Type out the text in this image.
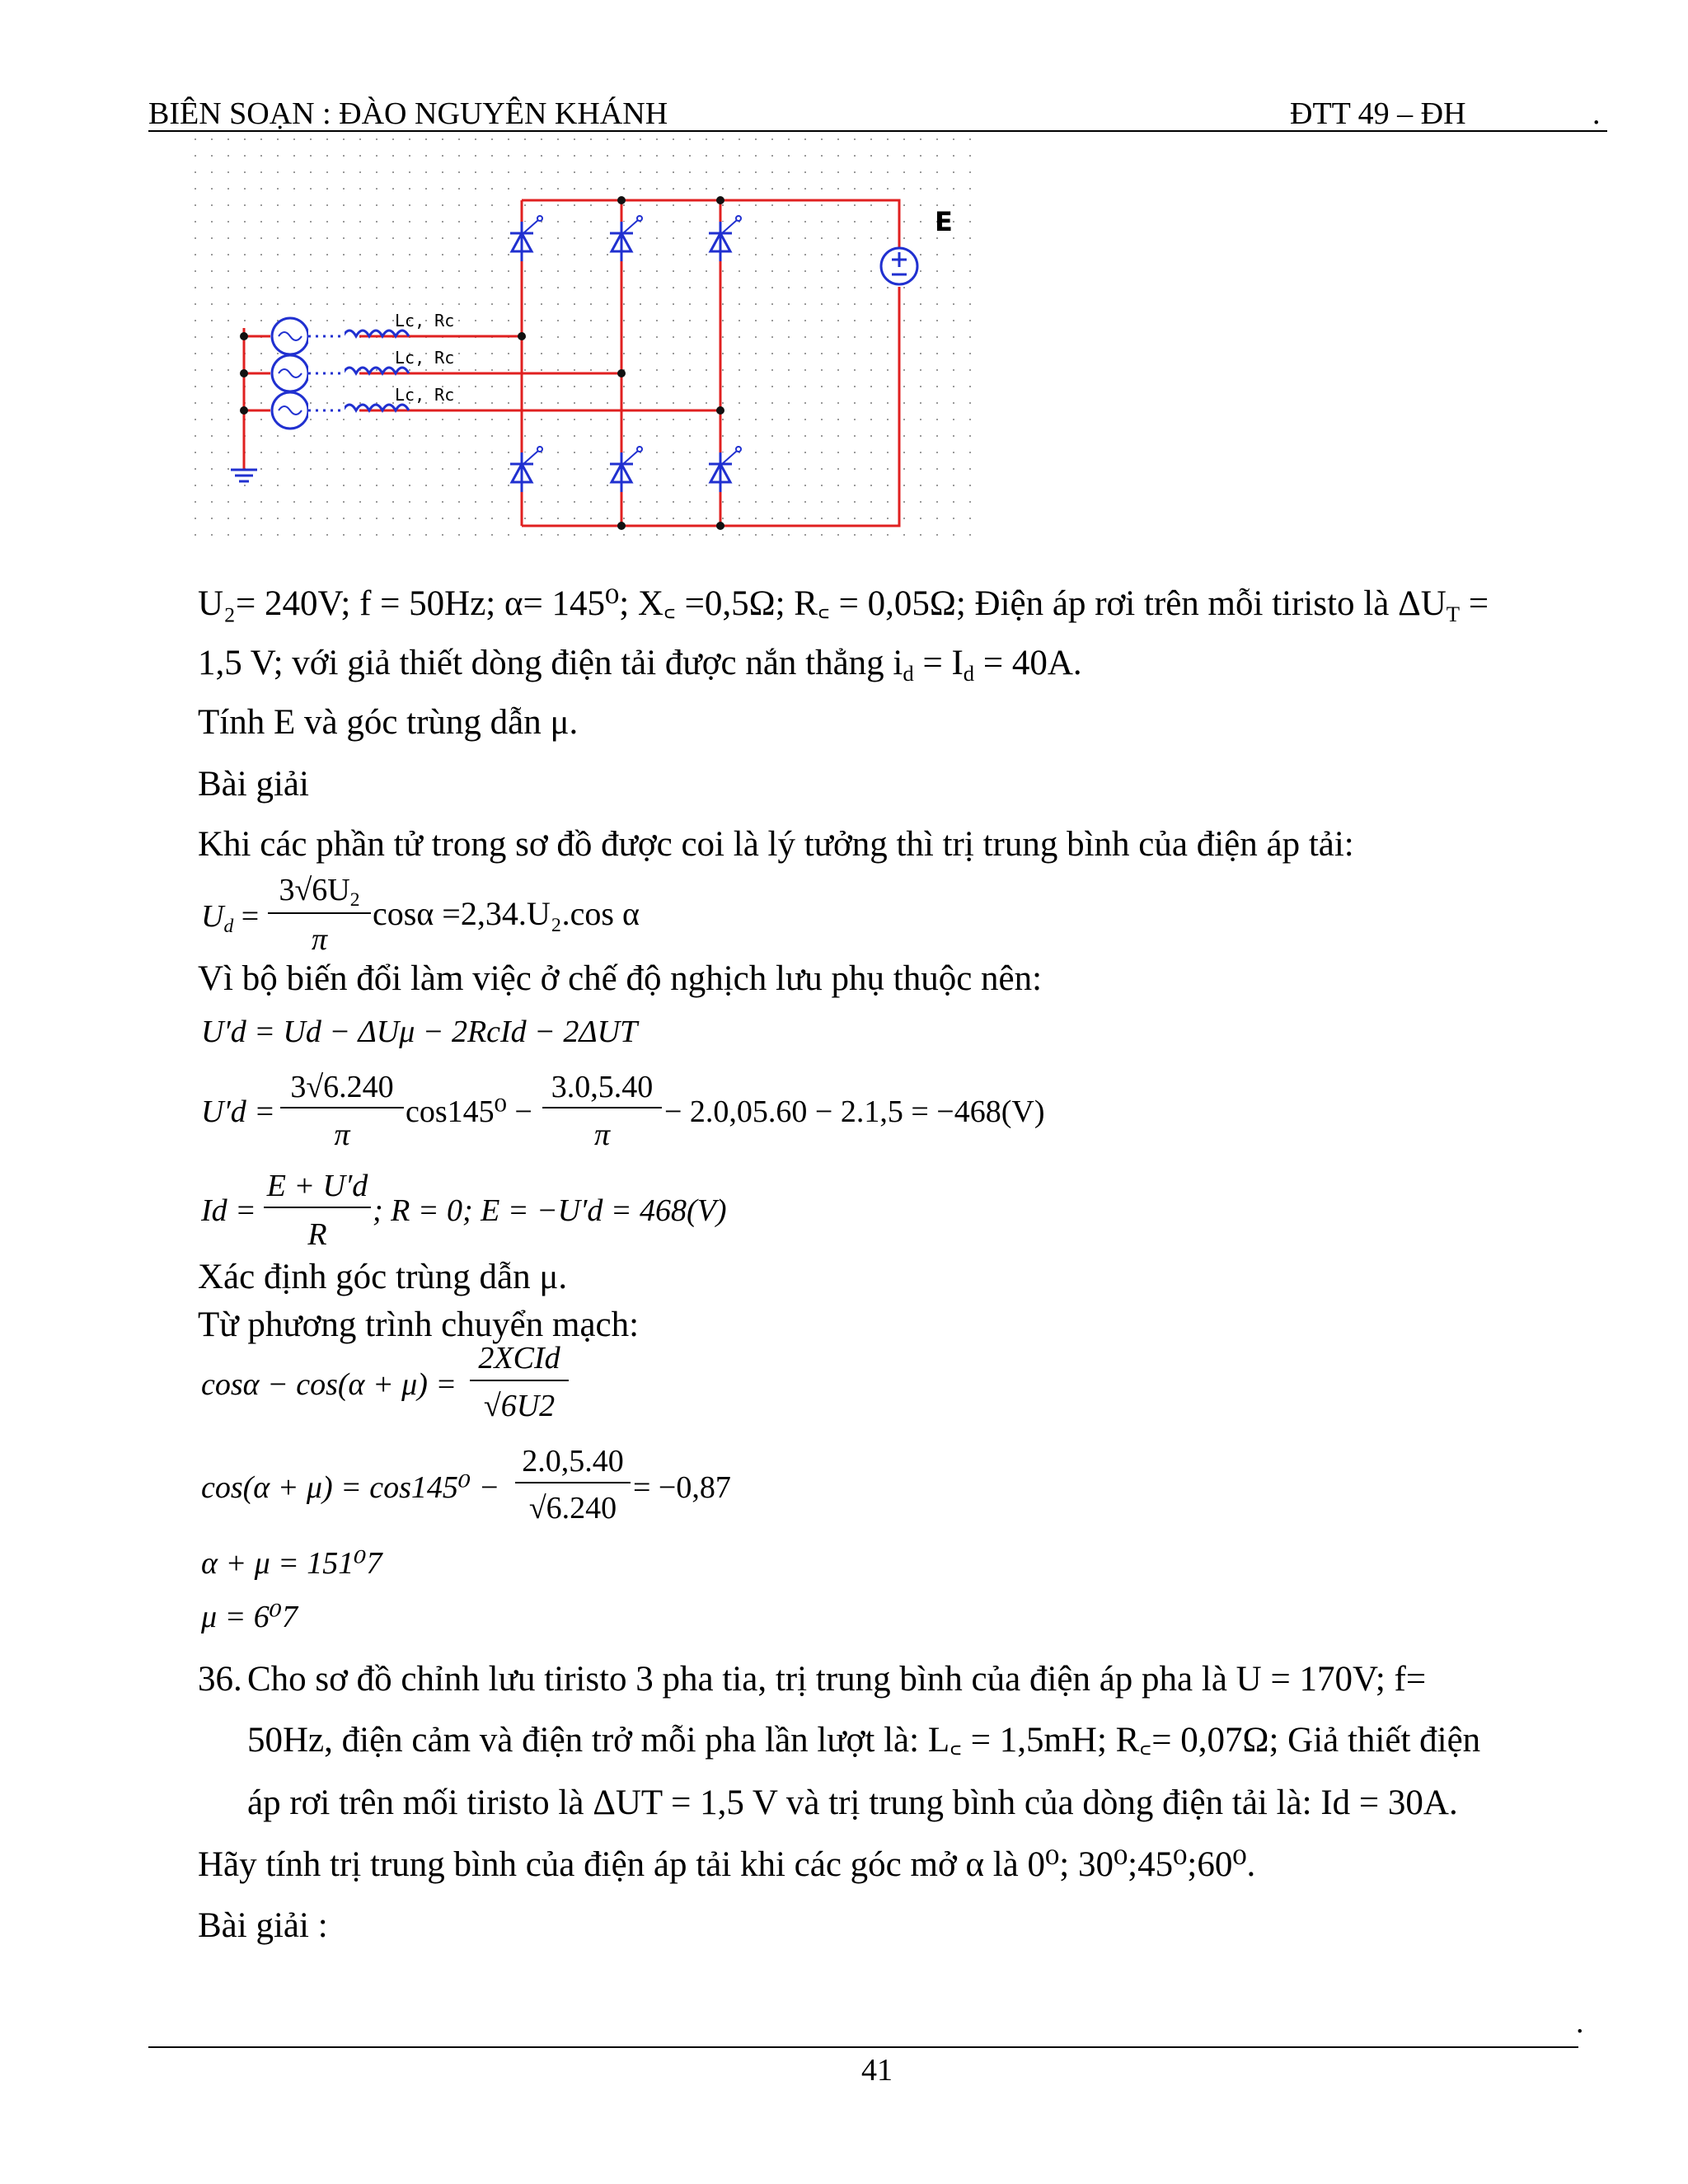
BIÊN SOẠN : ĐÀO NGUYÊN KHÁNH	ĐTT 49 – ĐH	.
E
Lc, Rc
Lc, Rc
Lc, Rc
U₂= 240V; f = 50Hz; α= 145⁰; X꜀ =0,5Ω; R꜀ = 0,05Ω; Điện áp rơi trên mỗi tiristo là $\Delta U_T$ =
1,5 V; với giả thiết dòng điện tải được nắn thẳng $i_d = I_d = 40A$.
Tính E và góc trùng dẫn μ.
Bài giải
Khi các phần tử trong sơ đồ được coi là lý tưởng thì trị trung bình của điện áp tải:
$U_d$ =
$3√6U_2$
π
cosα =2,34.U₂.cos α
Vì bộ biến đổi làm việc ở chế độ nghịch lưu phụ thuộc nên:
U′d = Ud − ΔUμ − 2RcId − 2ΔUT
U′d =
3√6.240
π
cos145⁰ −
3.0,5.40
π
− 2.0,05.60 − 2.1,5 = −468(V)
Id =
E + U′d
R
; R = 0; E = −U′d = 468(V)
Xác định góc trùng dẫn μ.
Từ phương trình chuyển mạch:
cosα − cos(α + μ) =
2XCId
√6U2
cos(α + μ) = cos145⁰ −
2.0,5.40
√6.240
= −0,87
α + μ = 151⁰7
μ = 6⁰7
36. Cho sơ đồ chỉnh lưu tiristo 3 pha tia, trị trung bình của điện áp pha là U = 170V; f=
50Hz, điện cảm và điện trở mỗi pha lần lượt là: L꜀ = 1,5mH; R꜀= 0,07Ω; Giả thiết điện
áp rơi trên mối tiristo là ΔUT = 1,5 V và trị trung bình của dòng điện tải là: Id = 30A.
Hãy tính trị trung bình của điện áp tải khi các góc mở α là 0⁰; 30⁰;45⁰;60⁰.
Bài giải :
.
41
